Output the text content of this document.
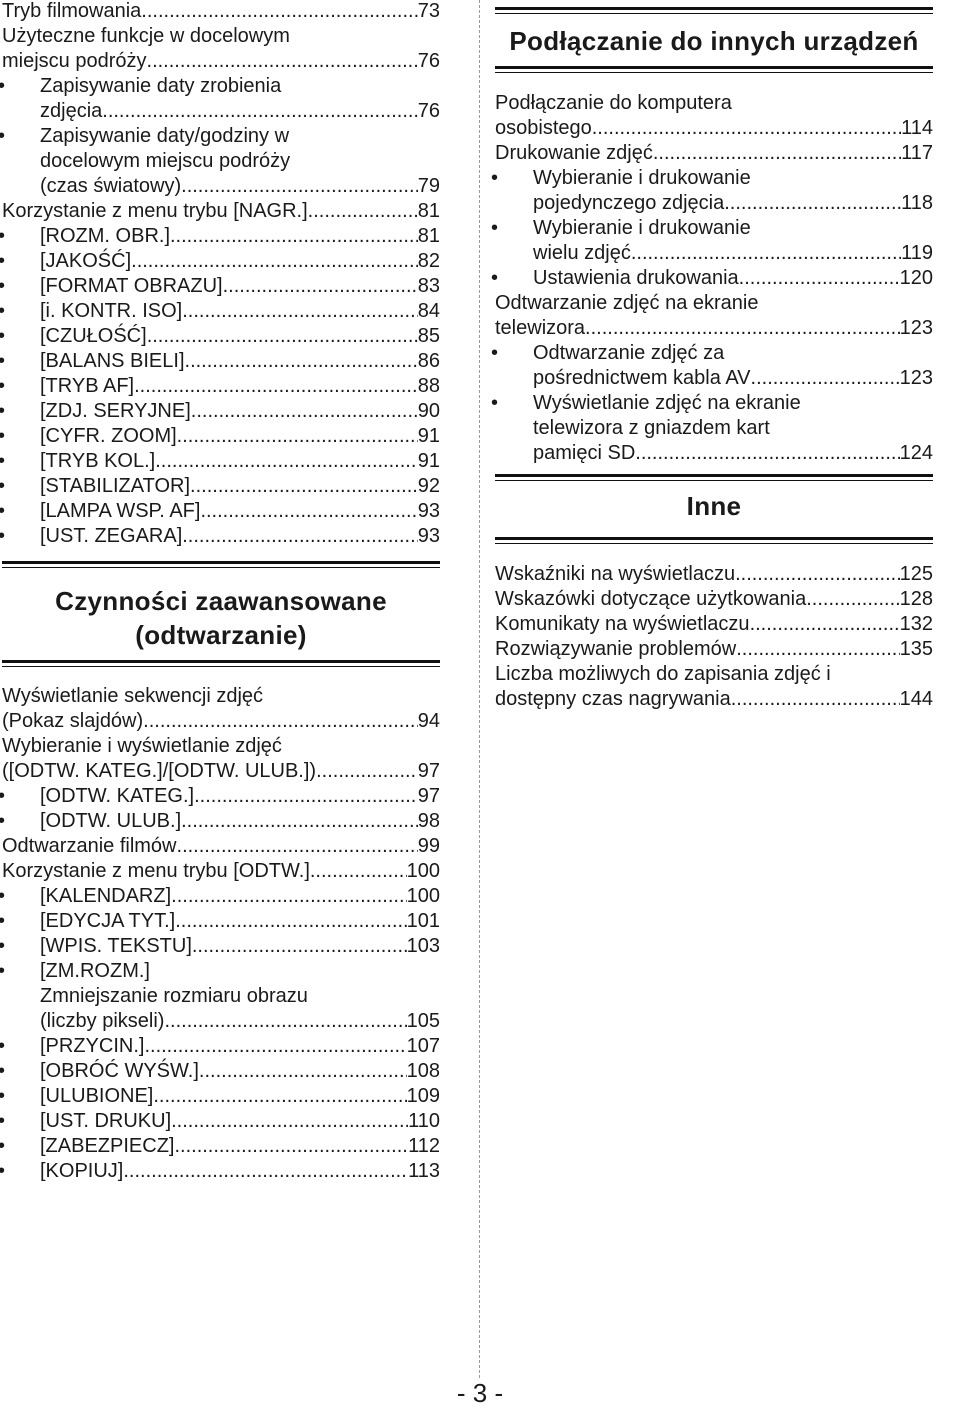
Tryb filmowania .....	73
Użyteczne funkcje w docelowym
miejscu podróży .....	76
•
Zapisywanie daty zrobienia
zdjęcia. .....	76
•
Zapisywanie daty/godziny w
docelowym miejscu podróży
(czas światowy) .....	79
Korzystanie z menu trybu [NAGR.] .....	81
•
[ROZM. OBR.] .....	81
•
[JAKOŚĆ] .....	82
•
[FORMAT OBRAZU] .....	83
•
[i. KONTR. ISO] .....	84
•
[CZUŁOŚĆ] .....	85
•
[BALANS BIELI] .....	86
•
[TRYB AF] .....	88
•
[ZDJ. SERYJNE] .....	90
•
[CYFR. ZOOM] .....	91
•
[TRYB KOL.] .....	91
•
[STABILIZATOR] .....	92
•
[LAMPA WSP. AF] .....	93
•
[UST. ZEGARA] .....	93
Czynności zaawansowane
(odtwarzanie)
Wyświetlanie sekwencji zdjęć
(Pokaz slajdów) .....	94
Wybieranie i wyświetlanie zdjęć
([ODTW. KATEG.]/[ODTW. ULUB.]) .....	97
•
[ODTW. KATEG.] .....	97
•
[ODTW. ULUB.] .....	98
Odtwarzanie filmów .....	99
Korzystanie z menu trybu [ODTW.] .....	100
•
[KALENDARZ] .....	100
•
[EDYCJA TYT.] .....	101
•
[WPIS. TEKSTU] .....	103
•
[ZM.ROZM.]
Zmniejszanie rozmiaru obrazu
(liczby pikseli) .....	105
•
[PRZYCIN.] .....	107
•
[OBRÓĆ WYŚW.] .....	108
•
[ULUBIONE] .....	109
•
[UST. DRUKU] .....	110
•
[ZABEZPIECZ] .....	112
•
[KOPIUJ] .....	113
Podłączanie do innych urządzeń
Podłączanie do komputera
osobistego .....	114
Drukowanie zdjęć .....	117
•
Wybieranie i drukowanie
pojedynczego zdjęcia .....	118
•
Wybieranie i drukowanie
wielu zdjęć .....	119
•
Ustawienia drukowania .....	120
Odtwarzanie zdjęć na ekranie
telewizora .....	123
•
Odtwarzanie zdjęć za
pośrednictwem kabla AV .....	123
•
Wyświetlanie zdjęć na ekranie
telewizora z gniazdem kart
pamięci SD .....	124
Inne
Wskaźniki na wyświetlaczu .....	125
Wskazówki dotyczące użytkowania .....	128
Komunikaty na wyświetlaczu .....	132
Rozwiązywanie problemów .....	135
Liczba możliwych do zapisania zdjęć i
dostępny czas nagrywania .....	144
- 3 -
